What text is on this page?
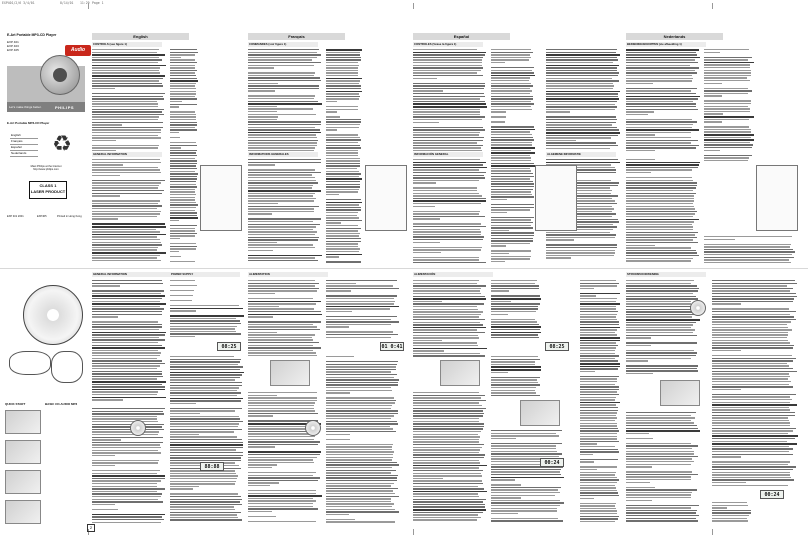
EXP401/2/6 3/4/01	8/14/01 11:29 Page 1
E-Art Portable MP3-CD Player
EXP 401
EXP 403
EXP 405	Audio
Let's make things better.	PHILIPS
E-Art Portable MP3-CD Player
English
Français
Español
Nederlands	♻
Meet Philips at the Internet
http://www.philips.com
CLASS 1
LASER PRODUCT
EXP 401 2001	EXP405	Printed in Hong Kong
English	Français	Español	Nederlands
CONTROLS (see figure 1)	COMMANDES (voir figure 1)	CONTROLES (Véase la figura 1)	BEDIENINGSKNOPPEN (zie afbeelding 1)
GENERAL INFORMATION	INFORMATIONS GENERALES	INFORMACIÓN GENERAL	ALGEMENE INFORMATIE
GENERAL INFORMATION	ALIMENTATION	ALIMENTACIÓN	STROOMVOORZIENING
POWER SUPPLY
QUICK START	BASIC CD-AUDIO MP3
08:25	01 0:41	08:25
88:88
00:24
00:24
2
